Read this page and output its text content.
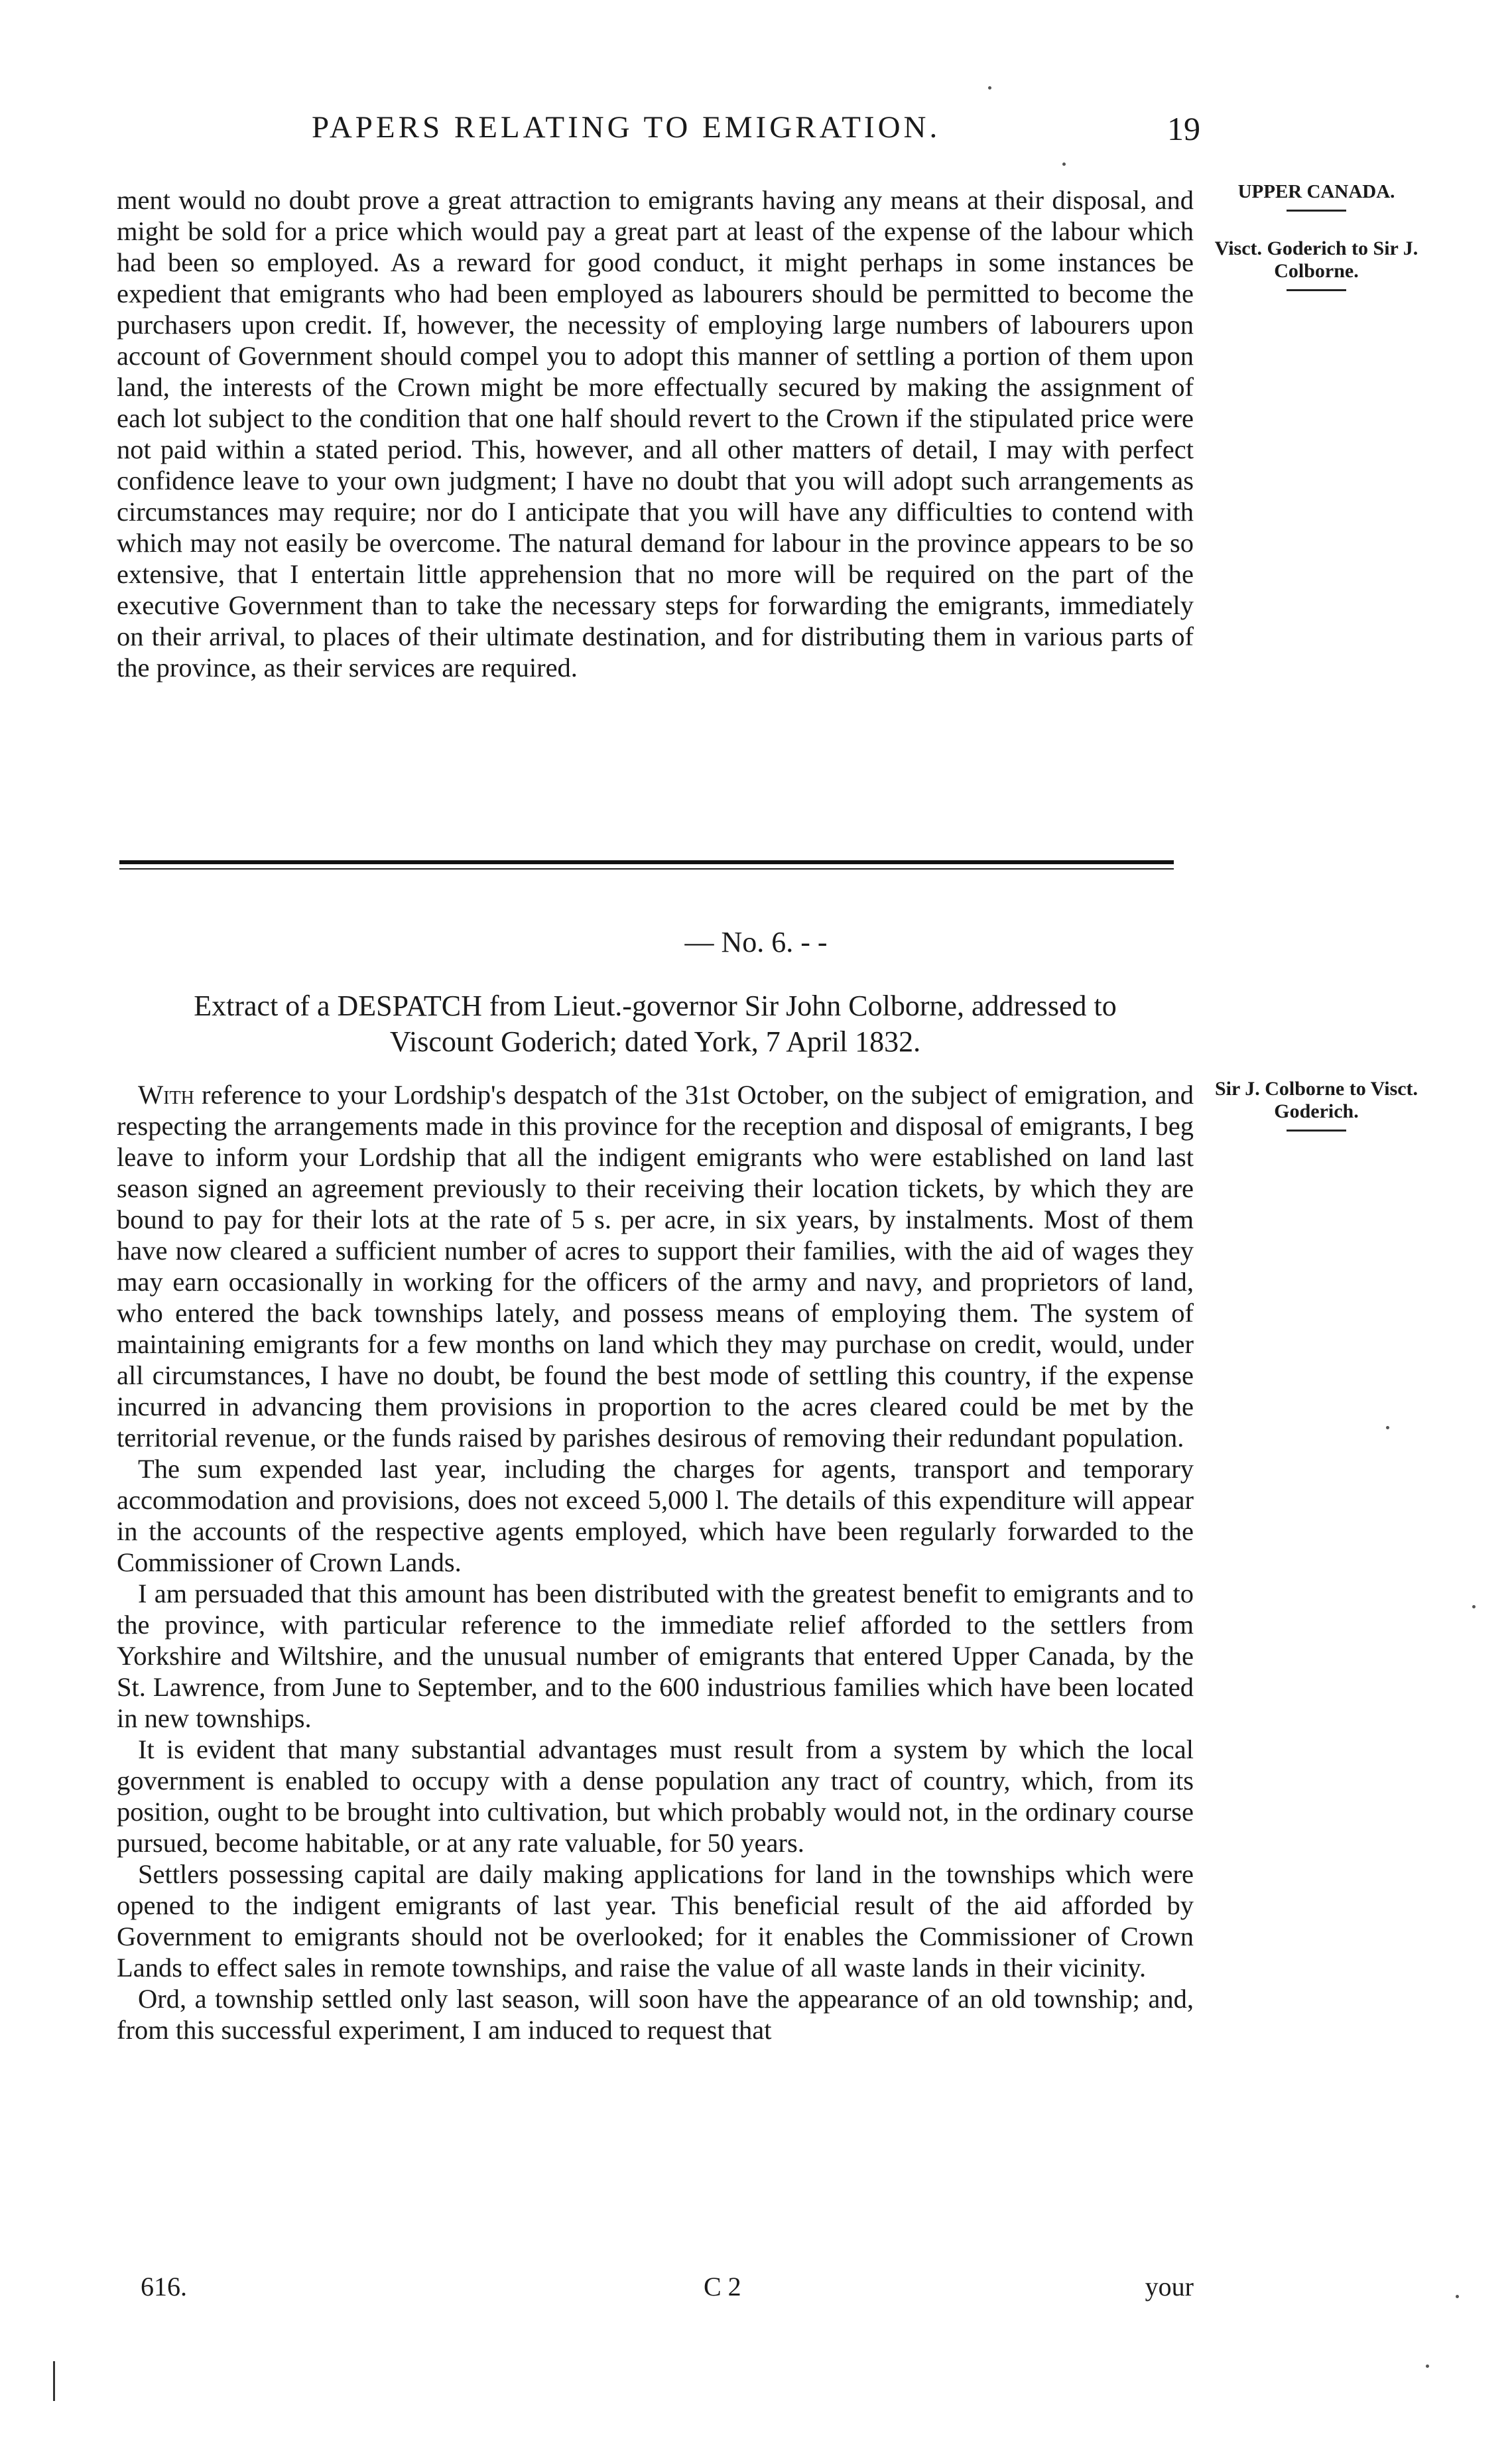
PAPERS RELATING TO EMIGRATION.	19
UPPER CANADA.
Visct. Goderich to Sir J. Colborne.

ment would no doubt prove a great attraction to emigrants having any means at their disposal, and might be sold for a price which would pay a great part at least of the expense of the labour which had been so employed. As a reward for good conduct, it might perhaps in some instances be expedient that emigrants who had been employed as labourers should be permitted to become the purchasers upon credit. If, however, the necessity of employing large numbers of labourers upon account of Government should compel you to adopt this manner of settling a portion of them upon land, the interests of the Crown might be more effectually secured by making the assignment of each lot subject to the condition that one half should revert to the Crown if the stipulated price were not paid within a stated period. This, however, and all other matters of detail, I may with perfect confidence leave to your own judgment; I have no doubt that you will adopt such arrangements as circumstances may require; nor do I anticipate that you will have any difficulties to contend with which may not easily be overcome. The natural demand for labour in the province appears to be so extensive, that I entertain little apprehension that no more will be required on the part of the executive Government than to take the necessary steps for forwarding the emigrants, immediately on their arrival, to places of their ultimate destination, and for distributing them in various parts of the province, as their services are required.

— No. 6. - -
Extract of a DESPATCH from Lieut.-governor Sir John Colborne, addressed to
Viscount Goderich; dated York, 7 April 1832.
Sir J. Colborne to Visct. Goderich.

With reference to your Lordship's despatch of the 31st October, on the subject of emigration, and respecting the arrangements made in this province for the reception and disposal of emigrants, I beg leave to inform your Lordship that all the indigent emigrants who were established on land last season signed an agreement previously to their receiving their location tickets, by which they are bound to pay for their lots at the rate of 5 s. per acre, in six years, by instalments. Most of them have now cleared a sufficient number of acres to support their families, with the aid of wages they may earn occasionally in working for the officers of the army and navy, and proprietors of land, who entered the back townships lately, and possess means of employing them. The system of maintaining emigrants for a few months on land which they may purchase on credit, would, under all circumstances, I have no doubt, be found the best mode of settling this country, if the expense incurred in advancing them provisions in proportion to the acres cleared could be met by the territorial revenue, or the funds raised by parishes desirous of removing their redundant population.

The sum expended last year, including the charges for agents, transport and temporary accommodation and provisions, does not exceed 5,000 l. The details of this expenditure will appear in the accounts of the respective agents employed, which have been regularly forwarded to the Commissioner of Crown Lands.

I am persuaded that this amount has been distributed with the greatest benefit to emigrants and to the province, with particular reference to the immediate relief afforded to the settlers from Yorkshire and Wiltshire, and the unusual number of emigrants that entered Upper Canada, by the St. Lawrence, from June to September, and to the 600 industrious families which have been located in new townships.

It is evident that many substantial advantages must result from a system by which the local government is enabled to occupy with a dense population any tract of country, which, from its position, ought to be brought into cultivation, but which probably would not, in the ordinary course pursued, become habitable, or at any rate valuable, for 50 years.

Settlers possessing capital are daily making applications for land in the townships which were opened to the indigent emigrants of last year. This beneficial result of the aid afforded by Government to emigrants should not be overlooked; for it enables the Commissioner of Crown Lands to effect sales in remote townships, and raise the value of all waste lands in their vicinity.

Ord, a township settled only last season, will soon have the appearance of an old township; and, from this successful experiment, I am induced to request that

616.	C 2	your
